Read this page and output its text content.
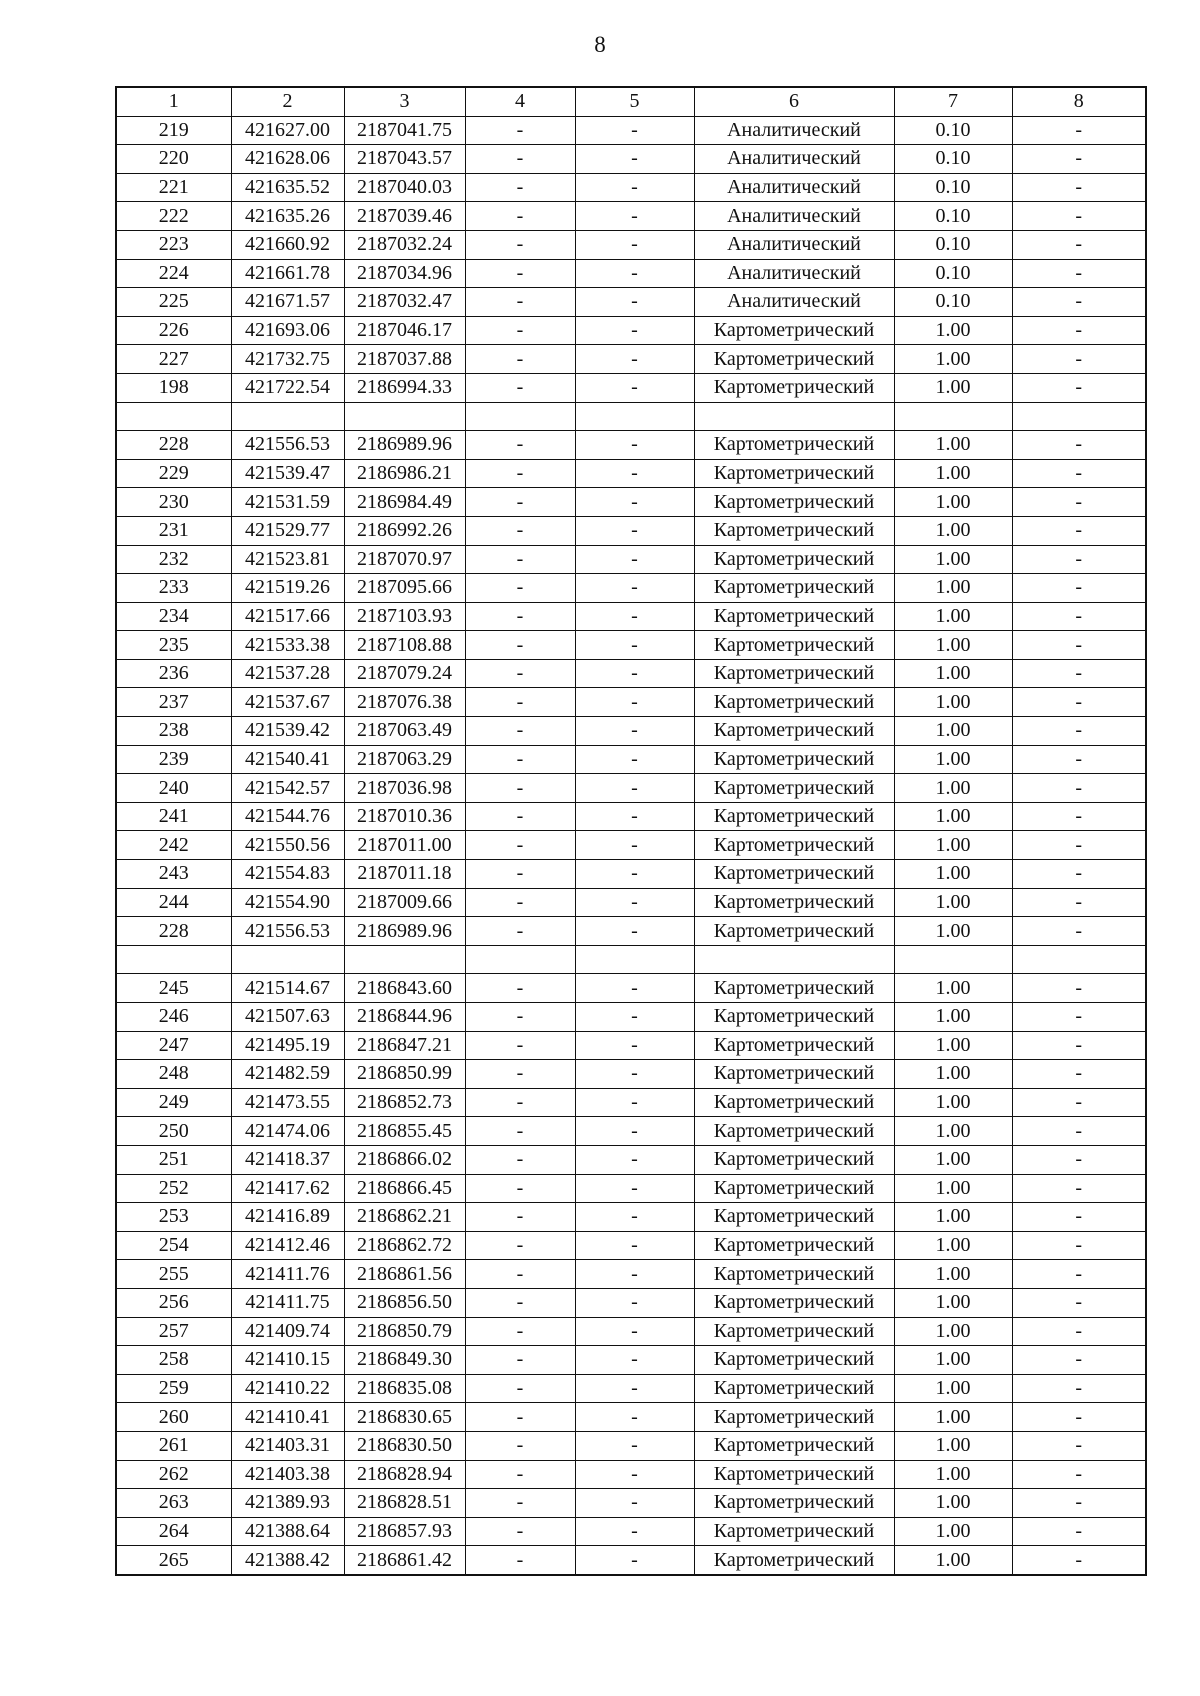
8
1	2	3	4	5	6	7	8
219	421627.00	2187041.75	-	-	Аналитический	0.10	-
220	421628.06	2187043.57	-	-	Аналитический	0.10	-
221	421635.52	2187040.03	-	-	Аналитический	0.10	-
222	421635.26	2187039.46	-	-	Аналитический	0.10	-
223	421660.92	2187032.24	-	-	Аналитический	0.10	-
224	421661.78	2187034.96	-	-	Аналитический	0.10	-
225	421671.57	2187032.47	-	-	Аналитический	0.10	-
226	421693.06	2187046.17	-	-	Картометрический	1.00	-
227	421732.75	2187037.88	-	-	Картометрический	1.00	-
198	421722.54	2186994.33	-	-	Картометрический	1.00	-

228	421556.53	2186989.96	-	-	Картометрический	1.00	-
229	421539.47	2186986.21	-	-	Картометрический	1.00	-
230	421531.59	2186984.49	-	-	Картометрический	1.00	-
231	421529.77	2186992.26	-	-	Картометрический	1.00	-
232	421523.81	2187070.97	-	-	Картометрический	1.00	-
233	421519.26	2187095.66	-	-	Картометрический	1.00	-
234	421517.66	2187103.93	-	-	Картометрический	1.00	-
235	421533.38	2187108.88	-	-	Картометрический	1.00	-
236	421537.28	2187079.24	-	-	Картометрический	1.00	-
237	421537.67	2187076.38	-	-	Картометрический	1.00	-
238	421539.42	2187063.49	-	-	Картометрический	1.00	-
239	421540.41	2187063.29	-	-	Картометрический	1.00	-
240	421542.57	2187036.98	-	-	Картометрический	1.00	-
241	421544.76	2187010.36	-	-	Картометрический	1.00	-
242	421550.56	2187011.00	-	-	Картометрический	1.00	-
243	421554.83	2187011.18	-	-	Картометрический	1.00	-
244	421554.90	2187009.66	-	-	Картометрический	1.00	-
228	421556.53	2186989.96	-	-	Картометрический	1.00	-

245	421514.67	2186843.60	-	-	Картометрический	1.00	-
246	421507.63	2186844.96	-	-	Картометрический	1.00	-
247	421495.19	2186847.21	-	-	Картометрический	1.00	-
248	421482.59	2186850.99	-	-	Картометрический	1.00	-
249	421473.55	2186852.73	-	-	Картометрический	1.00	-
250	421474.06	2186855.45	-	-	Картометрический	1.00	-
251	421418.37	2186866.02	-	-	Картометрический	1.00	-
252	421417.62	2186866.45	-	-	Картометрический	1.00	-
253	421416.89	2186862.21	-	-	Картометрический	1.00	-
254	421412.46	2186862.72	-	-	Картометрический	1.00	-
255	421411.76	2186861.56	-	-	Картометрический	1.00	-
256	421411.75	2186856.50	-	-	Картометрический	1.00	-
257	421409.74	2186850.79	-	-	Картометрический	1.00	-
258	421410.15	2186849.30	-	-	Картометрический	1.00	-
259	421410.22	2186835.08	-	-	Картометрический	1.00	-
260	421410.41	2186830.65	-	-	Картометрический	1.00	-
261	421403.31	2186830.50	-	-	Картометрический	1.00	-
262	421403.38	2186828.94	-	-	Картометрический	1.00	-
263	421389.93	2186828.51	-	-	Картометрический	1.00	-
264	421388.64	2186857.93	-	-	Картометрический	1.00	-
265	421388.42	2186861.42	-	-	Картометрический	1.00	-
